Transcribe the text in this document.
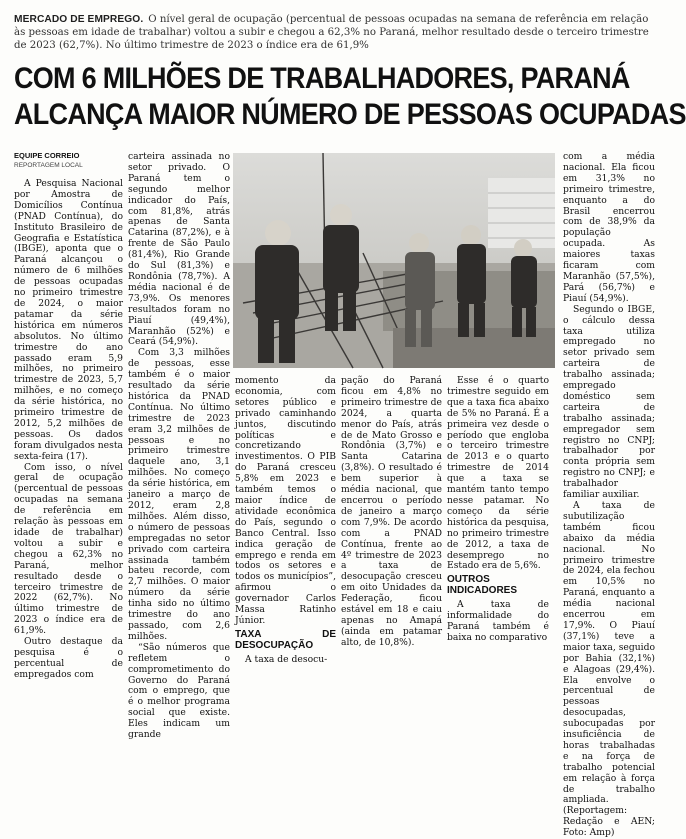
MERCADO DE EMPREGO. O nível geral de ocupação (percentual de pessoas ocupadas na semana de referência em relação às pessoas em idade de trabalhar) voltou a subir e chegou a 62,3% no Paraná, melhor resultado desde o terceiro trimestre de 2023 (62,7%). No último trimestre de 2023 o índice era de 61,9%
COM 6 MILHÕES DE TRABALHADORES, PARANÁ
ALCANÇA MAIOR NÚMERO DE PESSOAS OCUPADAS
EQUIPE CORREIO
REPORTAGEM LOCAL

A Pesquisa Nacional por Amostra de Domicílios Contínua (PNAD Contínua), do Instituto Brasileiro de Geografia e Estatística (IBGE), aponta que o Paraná alcançou o número de 6 milhões de pessoas ocupadas no primeiro trimestre de 2024, o maior patamar da série histórica em números absolutos. No último trimestre do ano passado eram 5,9 milhões, no primeiro trimestre de 2023, 5,7 milhões, e no começo da série histórica, no primeiro trimestre de 2012, 5,2 milhões de pessoas. Os dados foram divulgados nesta sexta-feira (17).

Com isso, o nível geral de ocupação (percentual de pessoas ocupadas na semana de referência em relação às pessoas em idade de trabalhar) voltou a subir e chegou a 62,3% no Paraná, melhor resultado desde o terceiro trimestre de 2022 (62,7%). No último trimestre de 2023 o índice era de 61,9%.

Outro destaque da pesquisa é o percentual de empregados com

carteira assinada no setor privado. O Paraná tem o segundo melhor indicador do País, com 81,8%, atrás apenas de Santa Catarina (87,2%), e à frente de São Paulo (81,4%), Rio Grande do Sul (81,3%) e Rondônia (78,7%). A média nacional é de 73,9%. Os menores resultados foram no Piauí (49,4%), Maranhão (52%) e Ceará (54,9%).

Com 3,3 milhões de pessoas, esse também é o maior resultado da série histórica da PNAD Contínua. No último trimestre de 2023 eram 3,2 milhões de pessoas e no primeiro trimestre daquele ano, 3,1 milhões. No começo da série histórica, em janeiro a março de 2012, eram 2,8 milhões. Além disso, o número de pessoas empregadas no setor privado com carteira assinada também bateu recorde, com 2,7 milhões. O maior número da série tinha sido no último trimestre do ano passado, com 2,6 milhões.

“São números que refletem o comprometimento do Governo do Paraná com o emprego, que é o melhor programa social que existe. Eles indicam um grande

momento da economia, com setores público e privado caminhando juntos, discutindo políticas e concretizando investimentos. O PIB do Paraná cresceu 5,8% em 2023 e também temos o maior índice de atividade econômica do País, segundo o Banco Central. Isso indica geração de emprego e renda em todos os setores e todos os municípios”, afirmou o governador Carlos Massa Ratinho Júnior.

TAXA DE DESOCUPAÇÃO

A taxa de desocu-

pação do Paraná ficou em 4,8% no primeiro trimestre de 2024, a quarta menor do País, atrás de de Mato Grosso e Rondônia (3,7%) e Santa Catarina (3,8%). O resultado é bem superior à média nacional, que encerrou o período de janeiro a março com 7,9%. De acordo com a PNAD Contínua, frente ao 4º trimestre de 2023 a taxa de desocupação cresceu em oito Unidades da Federação, ficou estável em 18 e caiu apenas no Amapá (ainda em patamar alto, de 10,8%).

Esse é o quarto trimestre seguido em que a taxa fica abaixo de 5% no Paraná. É a primeira vez desde o período que engloba o terceiro trimestre de 2013 e o quarto trimestre de 2014 que a taxa se mantém tanto tempo nesse patamar. No começo da série histórica da pesquisa, no primeiro trimestre de 2012, a taxa de desemprego no Estado era de 5,6%.

OUTROS INDICADORES

A taxa de informalidade do Paraná também é baixa no comparativo

com a média nacional. Ela ficou em 31,3% no primeiro trimestre, enquanto a do Brasil encerrou com de 38,9% da população ocupada. As maiores taxas ficaram com Maranhão (57,5%), Pará (56,7%) e Piauí (54,9%).

Segundo o IBGE, o cálculo dessa taxa utiliza empregado no setor privado sem carteira de trabalho assinada; empregado doméstico sem carteira de trabalho assinada; empregador sem registro no CNPJ; trabalhador por conta própria sem registro no CNPJ; e trabalhador familiar auxiliar.

A taxa de subutilização também ficou abaixo da média nacional. No primeiro trimestre de 2024, ela fechou em 10,5% no Paraná, enquanto a média nacional encerrou em 17,9%. O Piauí (37,1%) teve a maior taxa, seguido por Bahia (32,1%) e Alagoas (29,4%). Ela envolve o percentual de pessoas desocupadas, subocupadas por insuficiência de horas trabalhadas e na força de trabalho potencial em relação à força de trabalho ampliada. (Reportagem: Redação e AEN; Foto: Amp)
